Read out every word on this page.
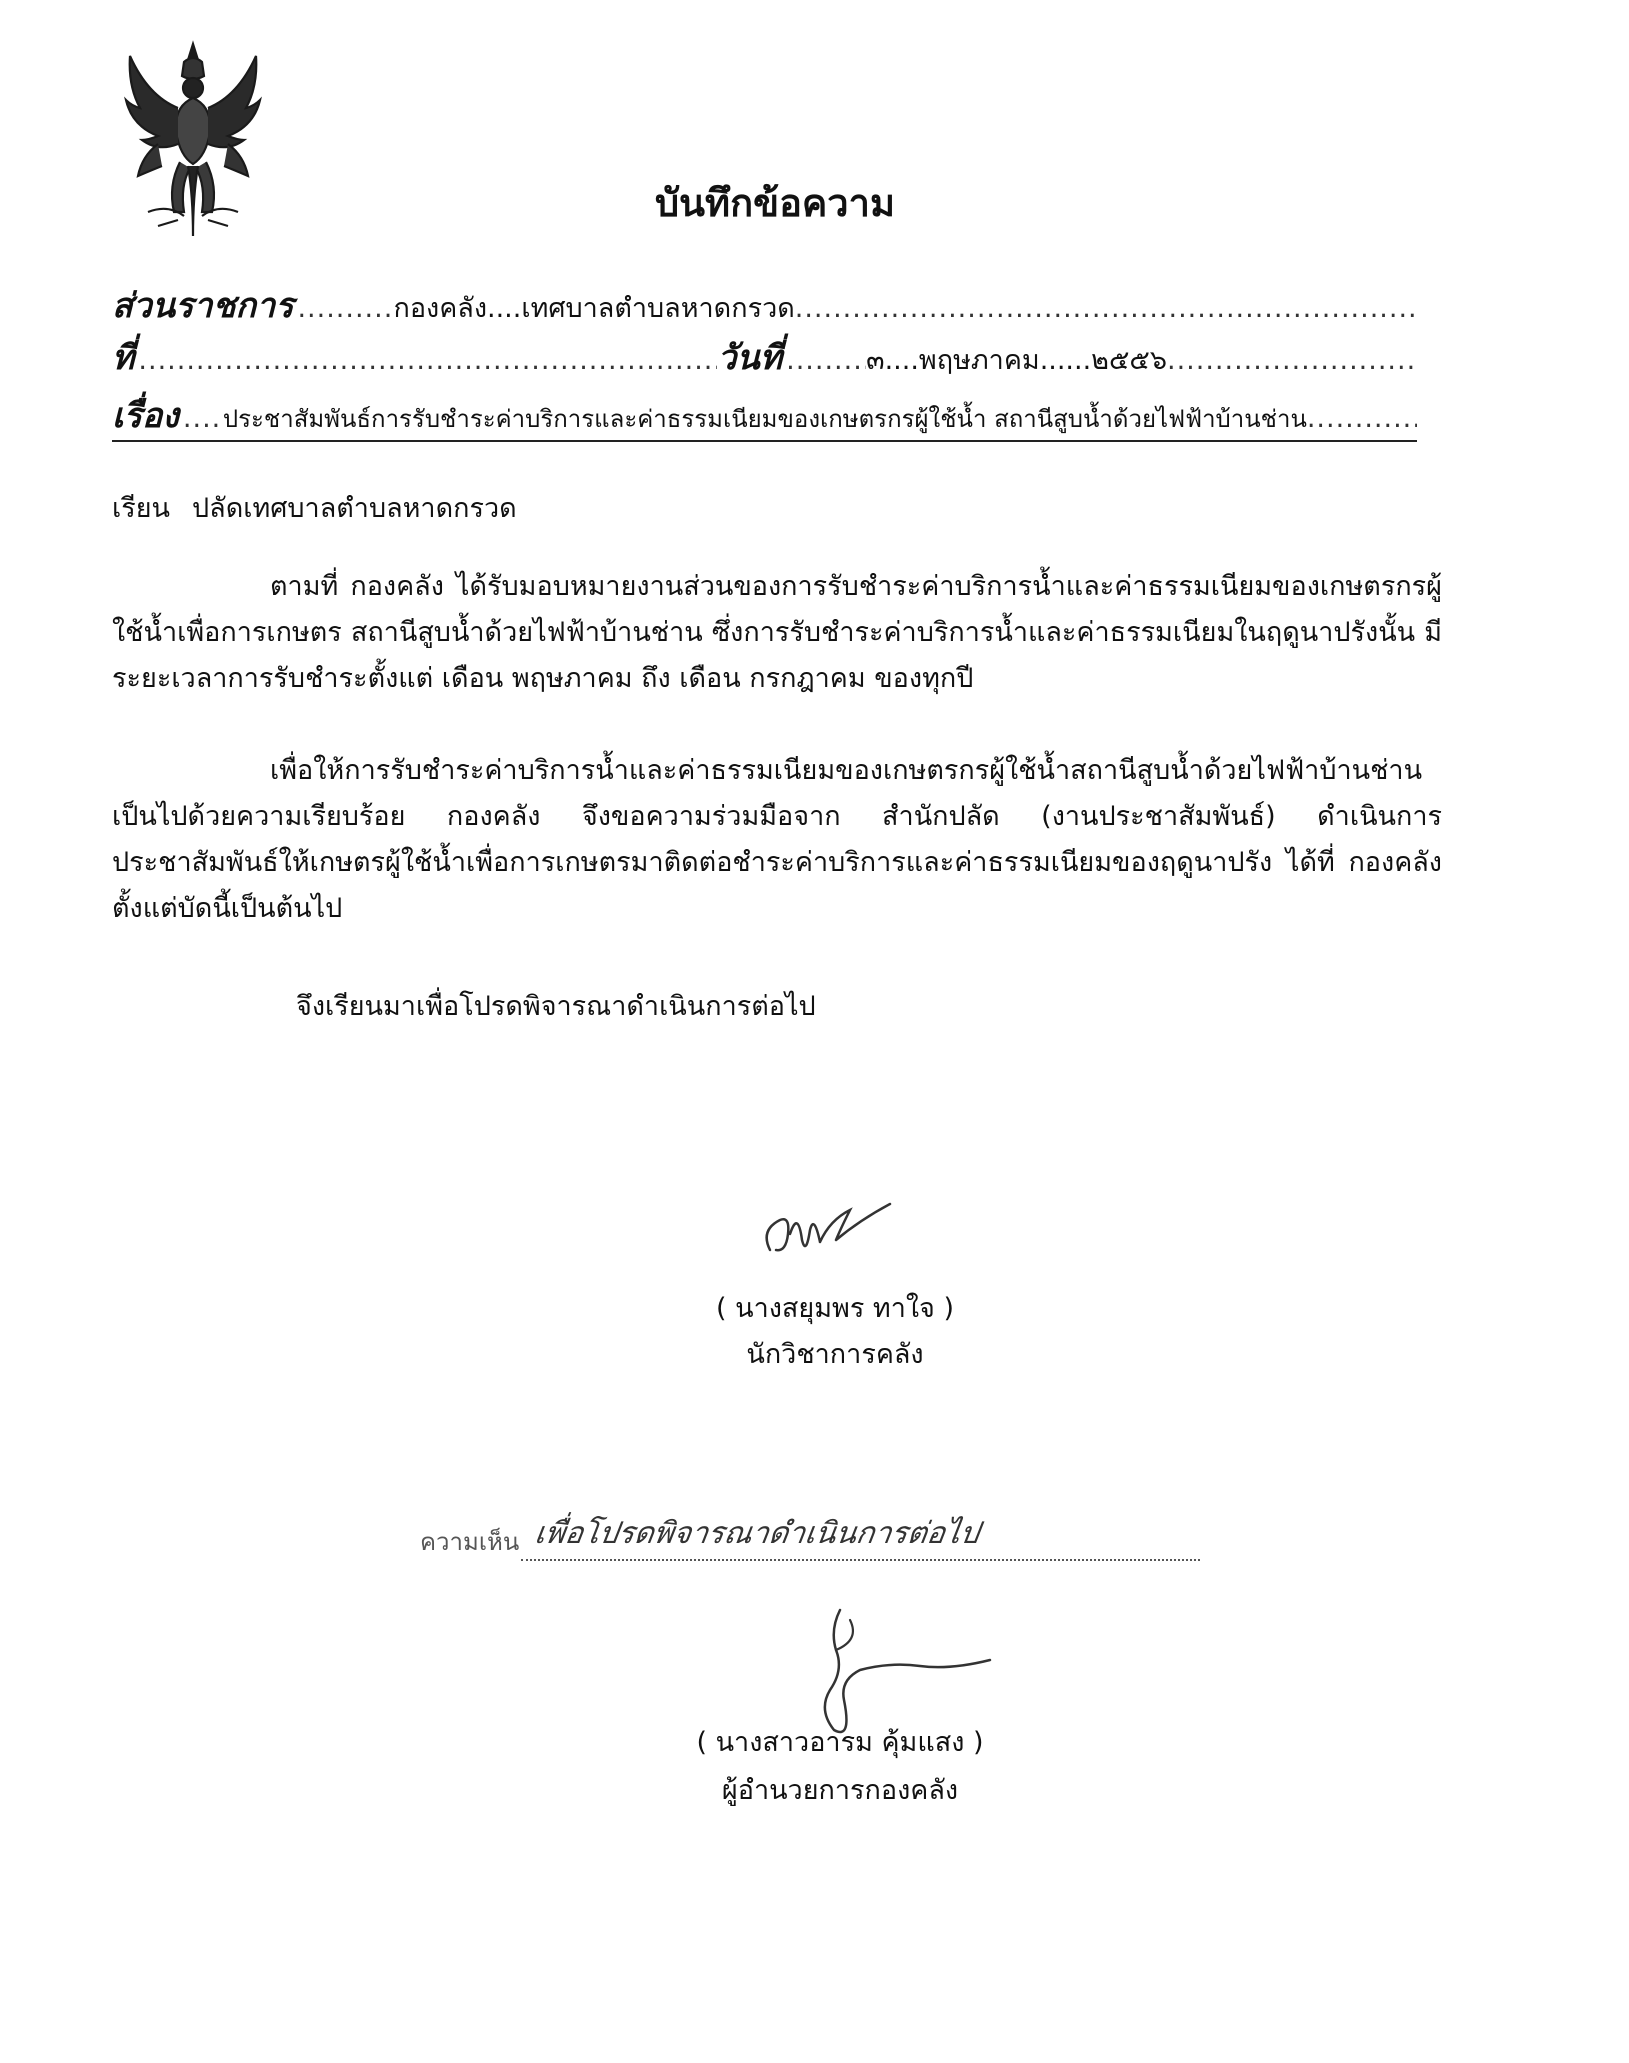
บันทึกข้อความ
ส่วนราชการ .....	กองคลัง....เทศบาลตำบลหาดกรวด
.....
ที่ .....	วันที่ .....	๓....พฤษภาคม......๒๕๕๖
.....
เรื่อง ..... ประชาสัมพันธ์การรับชำระค่าบริการและค่าธรรมเนียมของเกษตรกรผู้ใช้น้ำ สถานีสูบน้ำด้วยไฟฟ้าบ้านช่าน
.....
เรียน ปลัดเทศบาลตำบลหาดกรวด
ตามที่ กองคลัง ได้รับมอบหมายงานส่วนของการรับชำระค่าบริการน้ำและค่าธรรมเนียมของเกษตรกรผู้ใช้น้ำเพื่อการเกษตร สถานีสูบน้ำด้วยไฟฟ้าบ้านช่าน ซึ่งการรับชำระค่าบริการน้ำและค่าธรรมเนียมในฤดูนาปรังนั้น มีระยะเวลาการรับชำระตั้งแต่ เดือน พฤษภาคม ถึง เดือน กรกฎาคม ของทุกปี
เพื่อให้การรับชำระค่าบริการน้ำและค่าธรรมเนียมของเกษตรกรผู้ใช้น้ำสถานีสูบน้ำด้วยไฟฟ้าบ้านช่าน เป็นไปด้วยความเรียบร้อย กองคลัง จึงขอความร่วมมือจาก สำนักปลัด (งานประชาสัมพันธ์) ดำเนินการประชาสัมพันธ์ให้เกษตรผู้ใช้น้ำเพื่อการเกษตรมาติดต่อชำระค่าบริการและค่าธรรมเนียมของฤดูนาปรัง ได้ที่ กองคลัง ตั้งแต่บัดนี้เป็นต้นไป
จึงเรียนมาเพื่อโปรดพิจารณาดำเนินการต่อไป
( นางสยุมพร ทาใจ )
นักวิชาการคลัง
ความเห็น เพื่อโปรดพิจารณาดำเนินการต่อไป
( นางสาวอารม คุ้มแสง )
ผู้อำนวยการกองคลัง
